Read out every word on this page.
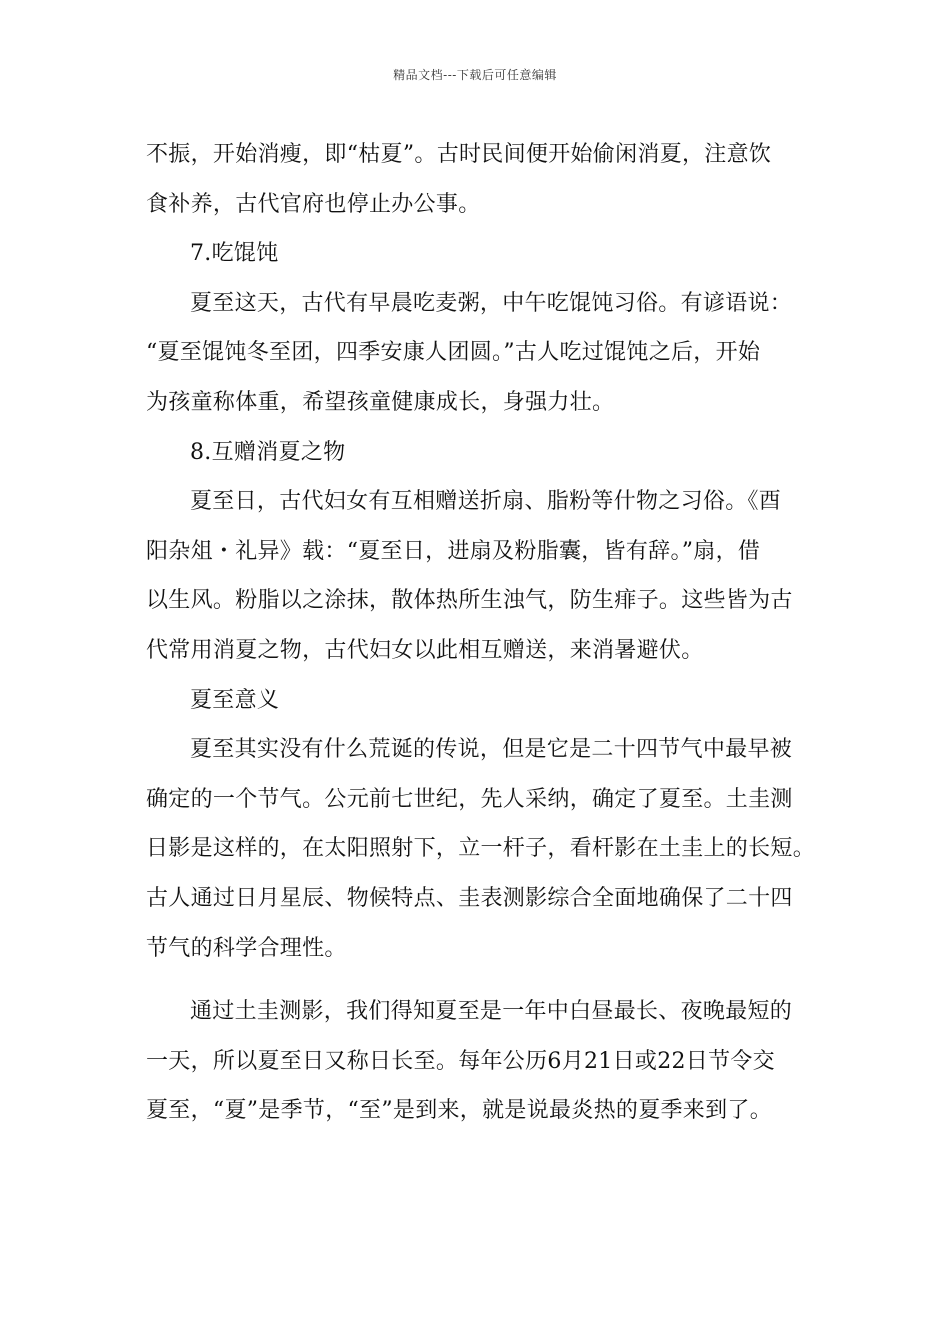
精品文档---下载后可任意编辑
不振，开始消瘦，即“枯夏”。古时民间便开始偷闲消夏，注意饮
食补养，古代官府也停止办公事。
7.吃馄饨
夏至这天，古代有早晨吃麦粥，中午吃馄饨习俗。有谚语说：
“夏至馄饨冬至团，四季安康人团圆。”古人吃过馄饨之后，开始
为孩童称体重，希望孩童健康成长，身强力壮。
8.互赠消夏之物
夏至日，古代妇女有互相赠送折扇、脂粉等什物之习俗。《酉
阳杂俎・礼异》载：“夏至日，进扇及粉脂囊，皆有辞。”扇，借
以生风。粉脂以之涂抹，散体热所生浊气，防生痱子。这些皆为古
代常用消夏之物，古代妇女以此相互赠送，来消暑避伏。
夏至意义
夏至其实没有什么荒诞的传说，但是它是二十四节气中最早被
确定的一个节气。公元前七世纪，先人采纳，确定了夏至。土圭测
日影是这样的，在太阳照射下，立一杆子，看杆影在土圭上的长短。
古人通过日月星辰、物候特点、圭表测影综合全面地确保了二十四
节气的科学合理性。
通过土圭测影，我们得知夏至是一年中白昼最长、夜晚最短的
一天，所以夏至日又称日长至。每年公历6月21日或22日节令交
夏至，“夏”是季节，“至”是到来，就是说最炎热的夏季来到了。
